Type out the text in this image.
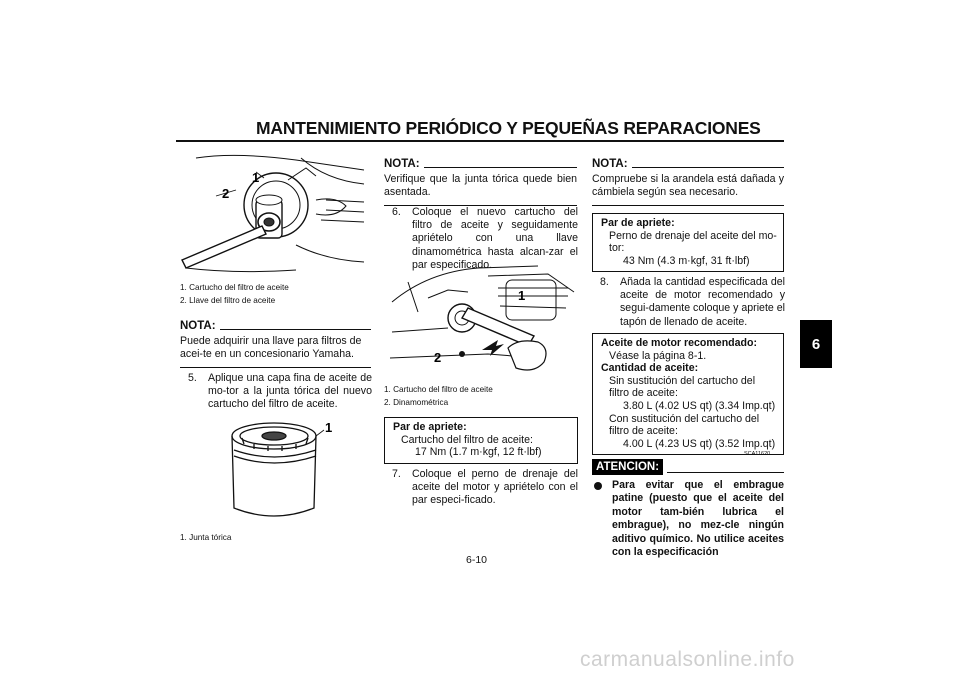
MANTENIMIENTO PERIÓDICO Y PEQUEÑAS REPARACIONES
6
1
2
1. Cartucho del filtro de aceite
2. Llave del filtro de aceite
NOTA:
Puede adquirir una llave para filtros de acei-te en un concesionario Yamaha.
5.	Aplique una capa fina de aceite de mo-tor a la junta tórica del nuevo cartucho del filtro de aceite.
1
1. Junta tórica
NOTA:
Verifique que la junta tórica quede bien asentada.
6.	Coloque el nuevo cartucho del filtro de aceite y seguidamente apriételo con una llave dinamométrica hasta alcan-zar el par especificado.
1
2
1. Cartucho del filtro de aceite
2. Dinamométrica
Par de apriete:
Cartucho del filtro de aceite:
17 Nm (1.7 m·kgf, 12 ft·lbf)
7.	Coloque el perno de drenaje del aceite del motor y apriételo con el par especi-ficado.
NOTA:
Compruebe si la arandela está dañada y cámbiela según sea necesario.
Par de apriete:
Perno de drenaje del aceite del mo-tor:
43 Nm (4.3 m·kgf, 31 ft·lbf)
8.	Añada la cantidad especificada del aceite de motor recomendado y segui-damente coloque y apriete el tapón de llenado de aceite.
Aceite de motor recomendado:
Véase la página 8-1.
Cantidad de aceite:
Sin sustitución del cartucho del filtro de aceite:
3.80 L (4.02 US qt) (3.34 Imp.qt)
Con sustitución del cartucho del filtro de aceite:
4.00 L (4.23 US qt) (3.52 Imp.qt)
SCA11620
ATENCION:
Para evitar que el embrague patine (puesto que el aceite del motor tam-bién lubrica el embrague), no mez-cle ningún aditivo químico. No utilice aceites con la especificación
6-10
carmanualsonline.info
